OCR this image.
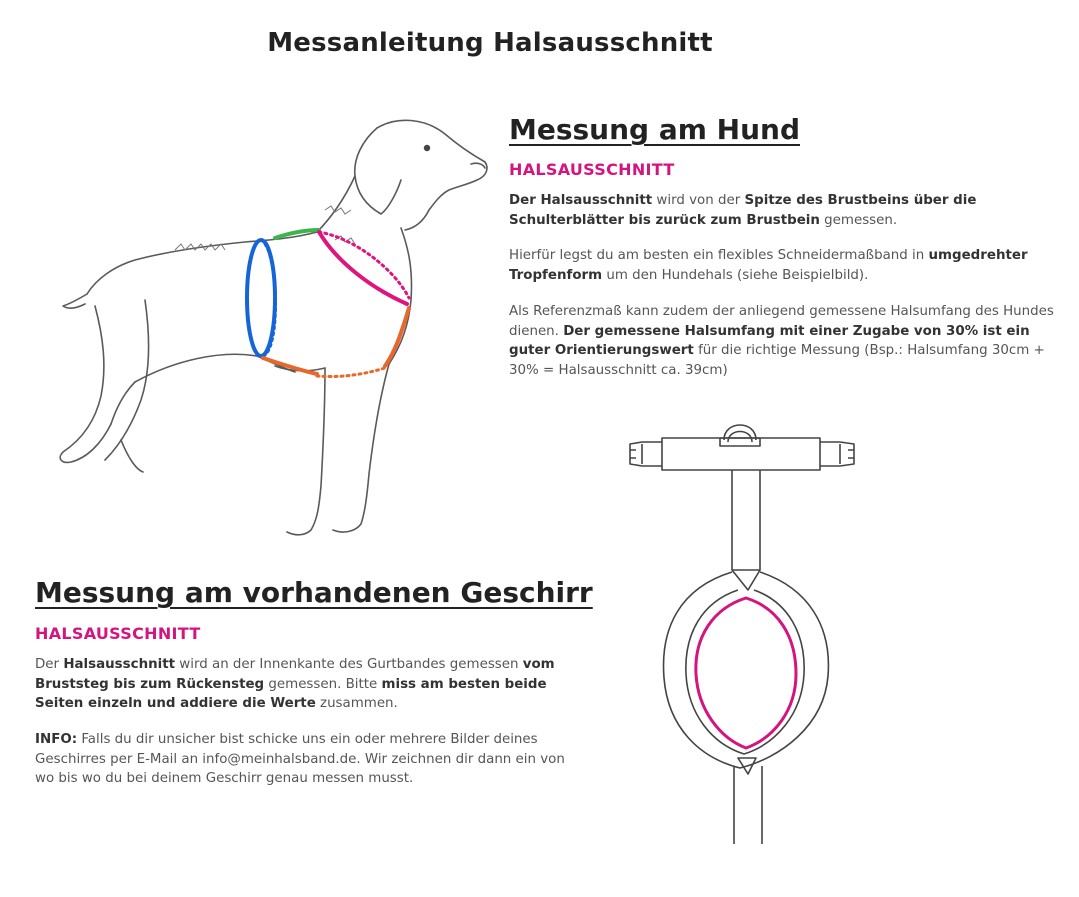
Messanleitung Halsausschnitt
Messung am Hund
HALSAUSSCHNITT
Der Halsausschnitt wird von der Spitze des Brustbeins über die Schulterblätter bis zurück zum Brustbein gemessen.
Hierfür legst du am besten ein flexibles Schneidermaßband in umgedrehter Tropfenform um den Hundehals (siehe Beispielbild).
Als Referenzmaß kann zudem der anliegend gemessene Halsumfang des Hundes dienen. Der gemessene Halsumfang mit einer Zugabe von 30% ist ein guter Orientierungswert für die richtige Messung (Bsp.: Halsumfang 30cm + 30% = Halsausschnitt ca. 39cm)
Messung am vorhandenen Geschirr
HALSAUSSCHNITT
Der Halsausschnitt wird an der Innenkante des Gurtbandes gemessen vom Bruststeg bis zum Rückensteg gemessen. Bitte miss am besten beide Seiten einzeln und addiere die Werte zusammen.
INFO: Falls du dir unsicher bist schicke uns ein oder mehrere Bilder deines Geschirres per E-Mail an info@meinhalsband.de. Wir zeichnen dir dann ein von wo bis wo du bei deinem Geschirr genau messen musst.
